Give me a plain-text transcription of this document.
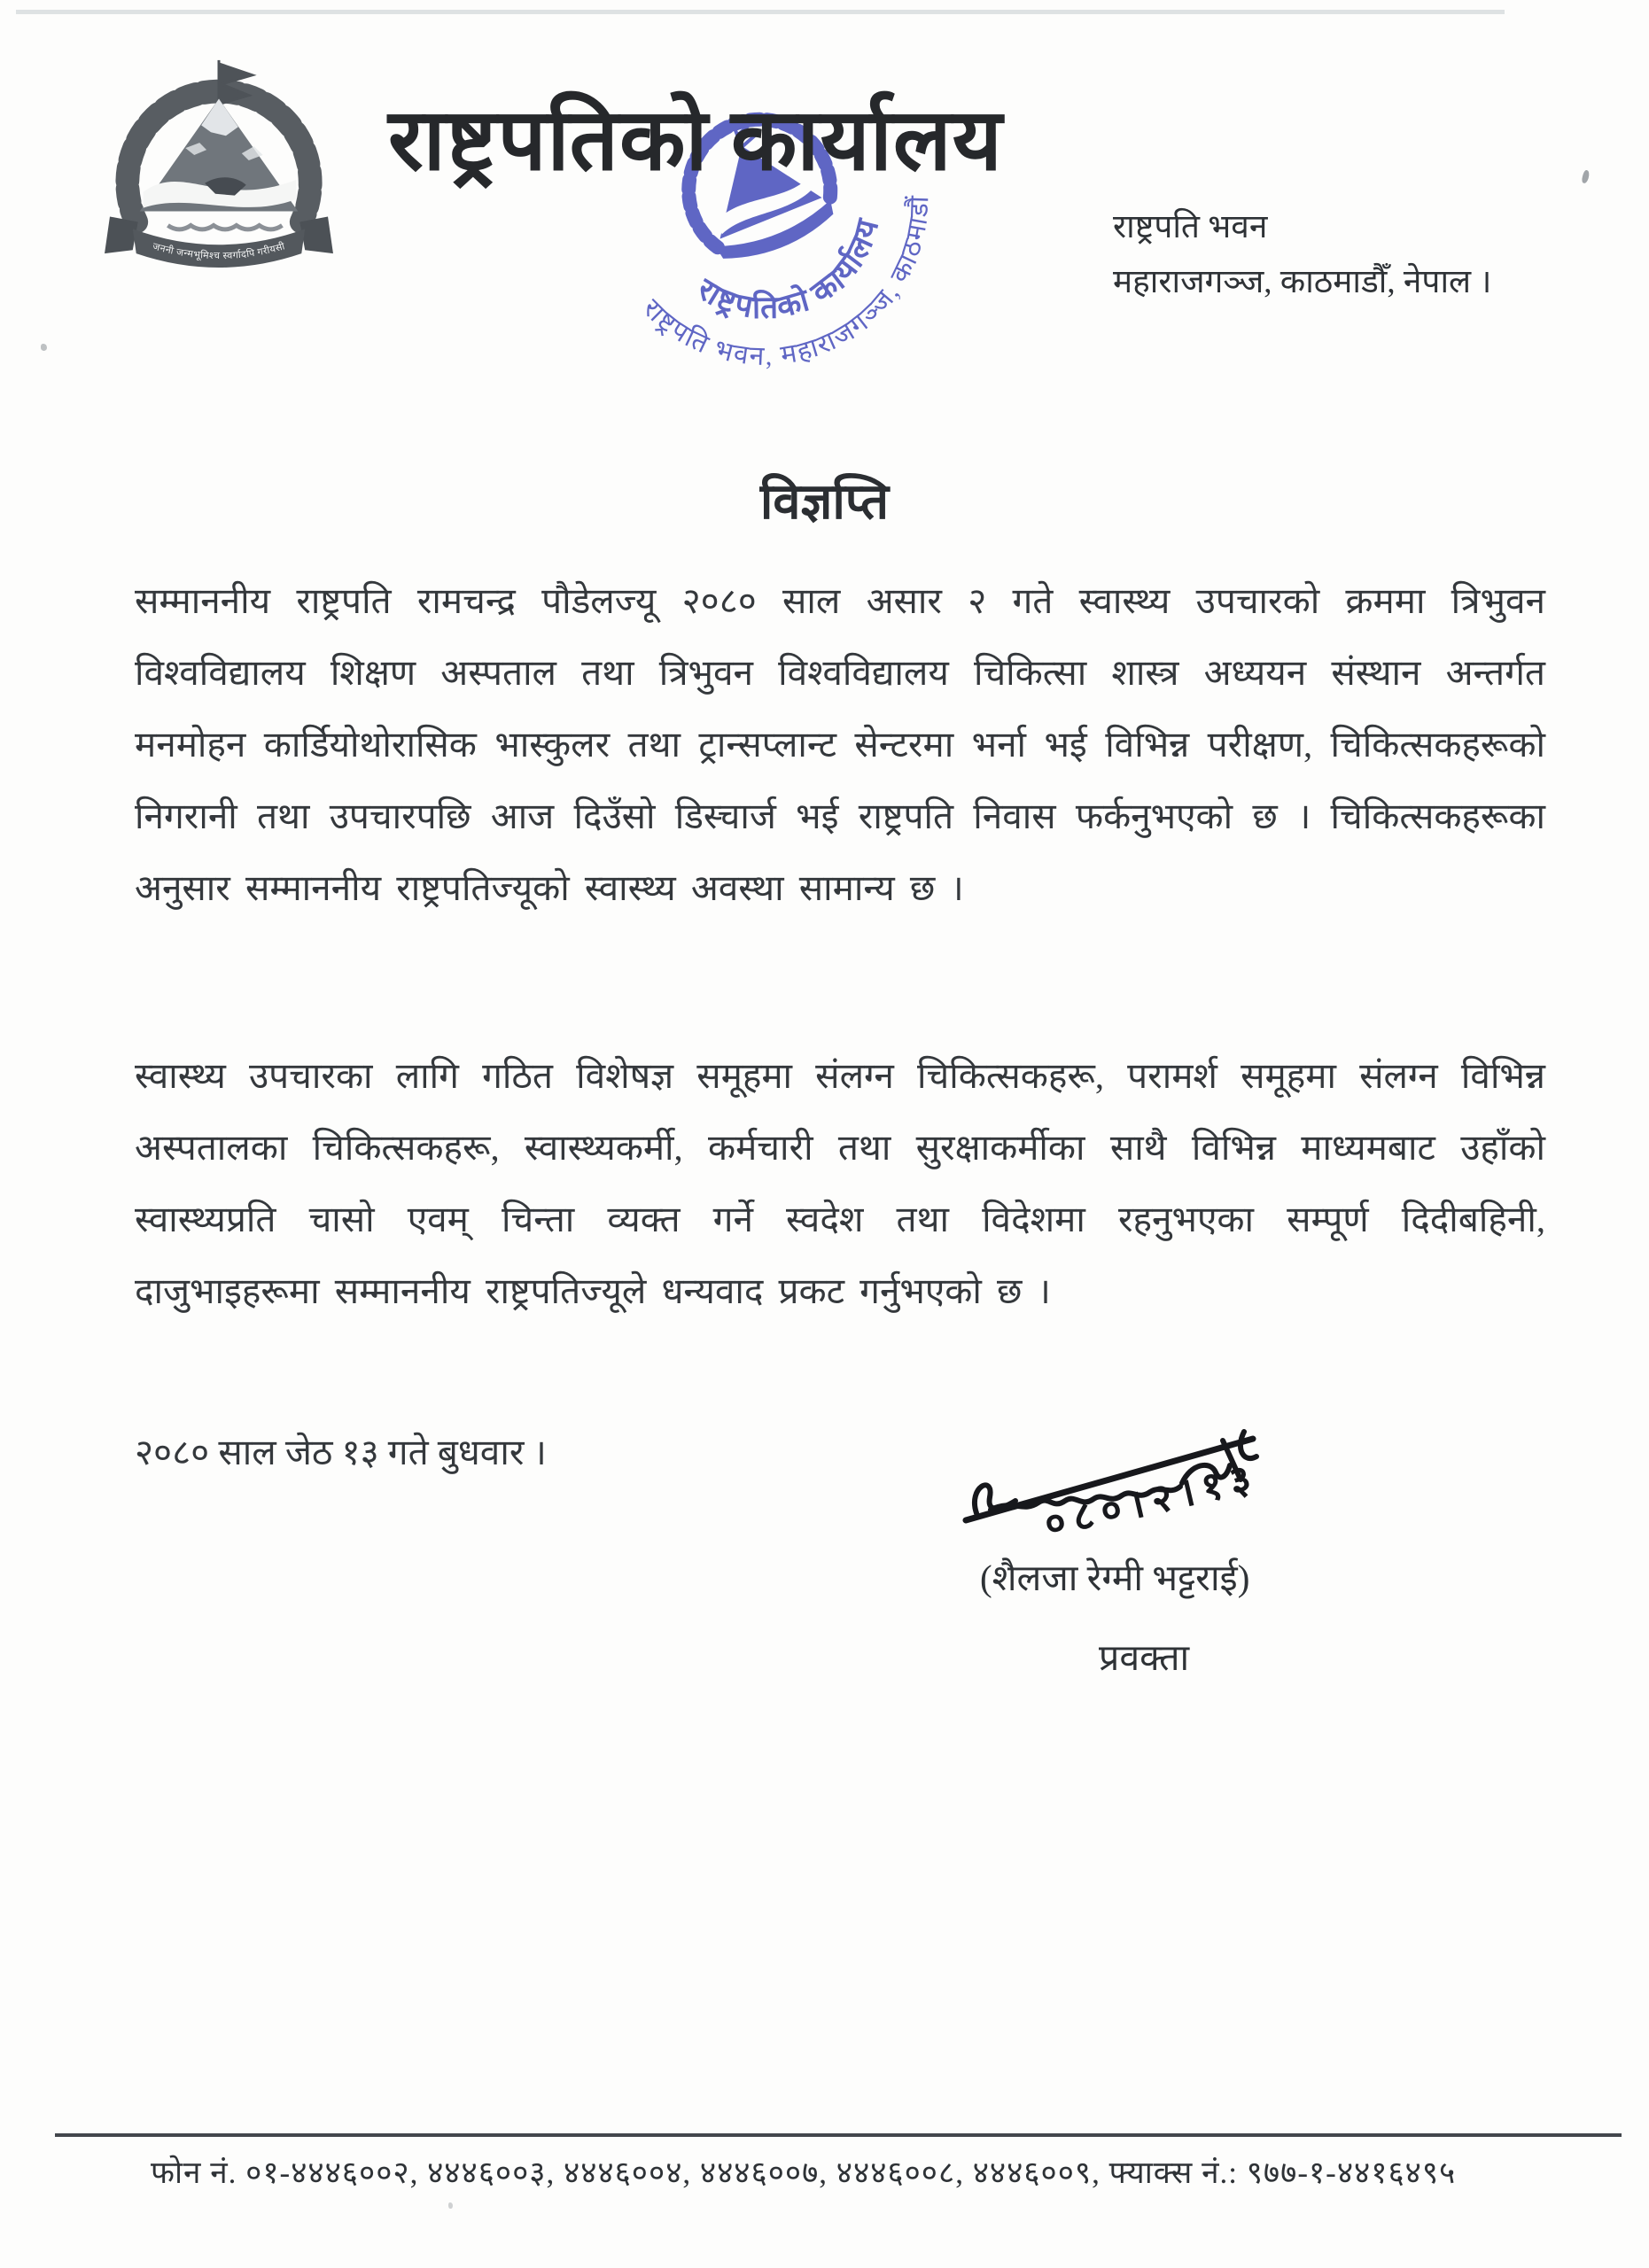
जननी जन्मभूमिश्च स्वर्गादपि गरीयसी
राष्ट्रपतिको कार्यालय
राष्ट्रपतिको कार्यालय
राष्ट्रपति भवन, महाराजगञ्ज, काठमाडौं
राष्ट्रपति भवन
महाराजगञ्ज, काठमाडौँ, नेपाल ।
विज्ञप्ति
सम्माननीय राष्ट्रपति रामचन्द्र पौडेलज्यू २०८० साल असार २ गते स्वास्थ्य उपचारको क्रममा त्रिभुवन विश्वविद्यालय शिक्षण अस्पताल तथा त्रिभुवन विश्वविद्यालय चिकित्सा शास्त्र अध्ययन संस्थान अन्तर्गत मनमोहन कार्डियोथोरासिक भास्कुलर तथा ट्रान्सप्लान्ट सेन्टरमा भर्ना भई विभिन्न परीक्षण, चिकित्सकहरूको निगरानी तथा उपचारपछि आज दिउँसो डिस्चार्ज भई राष्ट्रपति निवास फर्कनुभएको छ । चिकित्सकहरूका अनुसार सम्माननीय राष्ट्रपतिज्यूको स्वास्थ्य अवस्था सामान्य छ ।
स्वास्थ्य उपचारका लागि गठित विशेषज्ञ समूहमा संलग्न चिकित्सकहरू, परामर्श समूहमा संलग्न विभिन्न अस्पतालका चिकित्सकहरू, स्वास्थ्यकर्मी, कर्मचारी तथा सुरक्षाकर्मीका साथै विभिन्न माध्यमबाट उहाँको स्वास्थ्यप्रति चासो एवम् चिन्ता व्यक्त गर्ने स्वदेश तथा विदेशमा रहनुभएका सम्पूर्ण दिदीबहिनी, दाजुभाइहरूमा सम्माननीय राष्ट्रपतिज्यूले धन्यवाद प्रकट गर्नुभएको छ ।
२०८० साल जेठ १३ गते बुधवार ।
०८०।२।१३
(शैलजा रेग्मी भट्टराई)
प्रवक्ता
फोन नं. ०१-४४४६००२, ४४४६००३, ४४४६००४, ४४४६००७, ४४४६००८, ४४४६००९, फ्याक्स नं.: ९७७-१-४४१६४९५
